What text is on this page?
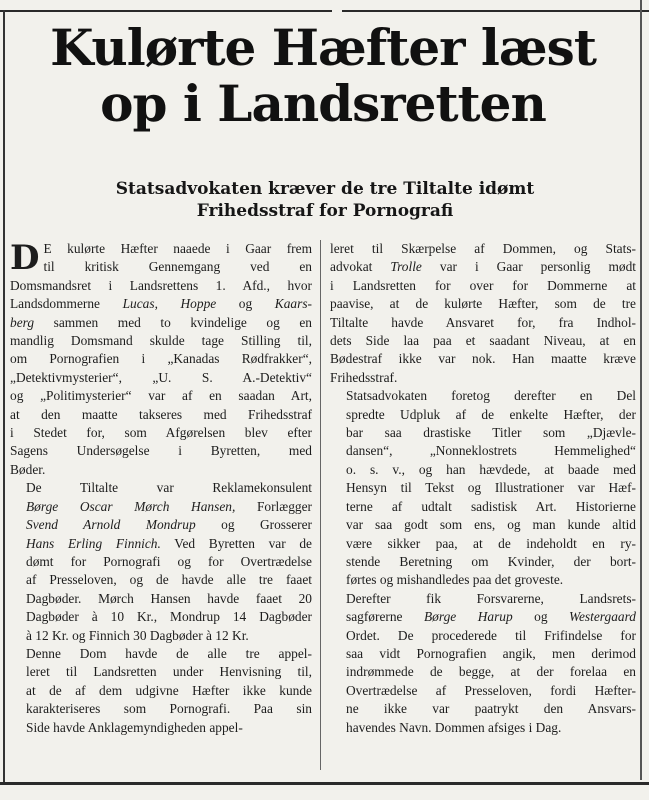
Kulørte Hæfter læst
op i Landsretten
Statsadvokaten kræver de tre Tiltalte idømt
Frihedsstraf for Pornografi

D E kulørte Hæfter naaede i Gaar frem
til kritisk Gennemgang ved en
Domsmandsret i Landsrettens 1. Afd., hvor
Landsdommerne Lucas, Hoppe og Kaars-
berg sammen med to kvindelige og en
mandlig Domsmand skulde tage Stilling til,
om Pornografien i „Kanadas Rødfrakker“,
„Detektivmysterier“, „U. S. A.-Detektiv“
og „Politimysterier“ var af en saadan Art,
at den maatte takseres med Frihedsstraf
i Stedet for, som Afgørelsen blev efter
Sagens Undersøgelse i Byretten, med
Bøder.

De Tiltalte var Reklamekonsulent
Børge Oscar Mørch Hansen, Forlægger
Svend Arnold Mondrup og Grosserer
Hans Erling Finnich. Ved Byretten var de
dømt for Pornografi og for Overtrædelse
af Presseloven, og de havde alle tre faaet
Dagbøder. Mørch Hansen havde faaet 20
Dagbøder à 10 Kr., Mondrup 14 Dagbøder
à 12 Kr. og Finnich 30 Dagbøder à 12 Kr.

Denne Dom havde de alle tre appel-
leret til Landsretten under Henvisning til,
at de af dem udgivne Hæfter ikke kunde
karakteriseres som Pornografi. Paa sin
Side havde Anklagemyndigheden appel-

leret til Skærpelse af Dommen, og Stats-
advokat Trolle var i Gaar personlig mødt
i Landsretten for over for Dommerne at
paavise, at de kulørte Hæfter, som de tre
Tiltalte havde Ansvaret for, fra Indhol-
dets Side laa paa et saadant Niveau, at en
Bødestraf ikke var nok. Han maatte kræve
Frihedsstraf.

Statsadvokaten foretog derefter en Del
spredte Udpluk af de enkelte Hæfter, der
bar saa drastiske Titler som „Djævle-
dansen“, „Nonneklostrets Hemmelighed“
o. s. v., og han hævdede, at baade med
Hensyn til Tekst og Illustrationer var Hæf-
terne af udtalt sadistisk Art. Historierne
var saa godt som ens, og man kunde altid
være sikker paa, at de indeholdt en ry-
stende Beretning om Kvinder, der bort-
førtes og mishandledes paa det groveste.

Derefter fik Forsvarerne, Landsrets-
sagførerne Børge Harup og Westergaard
Ordet. De procederede til Frifindelse for
saa vidt Pornografien angik, men derimod
indrømmede de begge, at der forelaa en
Overtrædelse af Presseloven, fordi Hæfter-
ne ikke var paatrykt den Ansvars-
havendes Navn. Dommen afsiges i Dag.
